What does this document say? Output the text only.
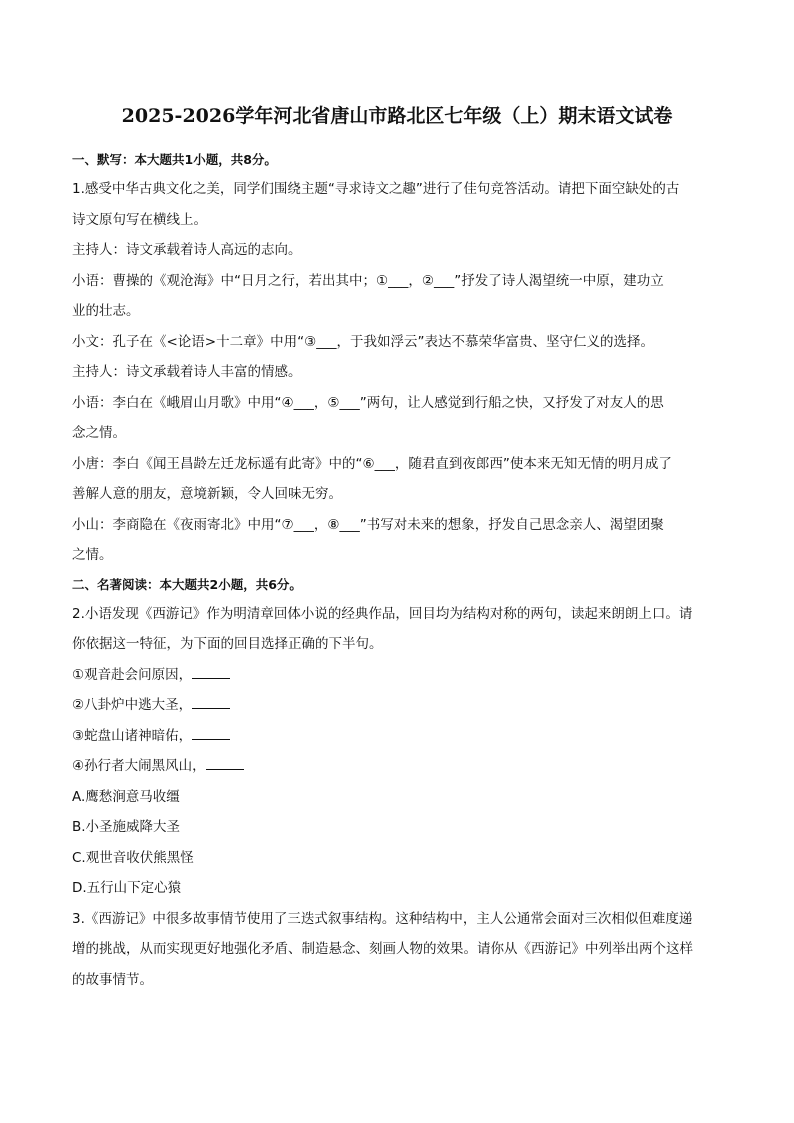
2025-2026学年河北省唐山市路北区七年级（上）期末语文试卷

一、默写：本大题共1小题，共8分。

1.感受中华古典文化之美，同学们围绕主题“寻求诗文之趣”进行了佳句竞答活动。请把下面空缺处的古

诗文原句写在横线上。

主持人：诗文承载着诗人高远的志向。

小语：曹操的《观沧海》中“日月之行，若出其中；①___，②___”抒发了诗人渴望统一中原，建功立

业的壮志。

小文：孔子在《<论语>十二章》中用“③___，于我如浮云”表达不慕荣华富贵、坚守仁义的选择。

主持人：诗文承载着诗人丰富的情感。

小语：李白在《峨眉山月歌》中用“④___，⑤___”两句，让人感觉到行船之快，又抒发了对友人的思

念之情。

小唐：李白《闻王昌龄左迁龙标遥有此寄》中的“⑥___，随君直到夜郎西”使本来无知无情的明月成了

善解人意的朋友，意境新颖，令人回味无穷。

小山：李商隐在《夜雨寄北》中用“⑦___，⑧___”书写对未来的想象，抒发自己思念亲人、渴望团聚

之情。

二、名著阅读：本大题共2小题，共6分。

2.小语发现《西游记》作为明清章回体小说的经典作品，回目均为结构对称的两句，读起来朗朗上口。请

你依据这一特征，为下面的回目选择正确的下半句。

①观音赴会问原因，

②八卦炉中逃大圣，

③蛇盘山诸神暗佑，

④孙行者大闹黑风山，

A.鹰愁涧意马收缰

B.小圣施威降大圣

C.观世音收伏熊黑怪

D.五行山下定心猿

3.《西游记》中很多故事情节使用了三迭式叙事结构。这种结构中，主人公通常会面对三次相似但难度递

增的挑战，从而实现更好地强化矛盾、制造悬念、刻画人物的效果。请你从《西游记》中列举出两个这样

的故事情节。
